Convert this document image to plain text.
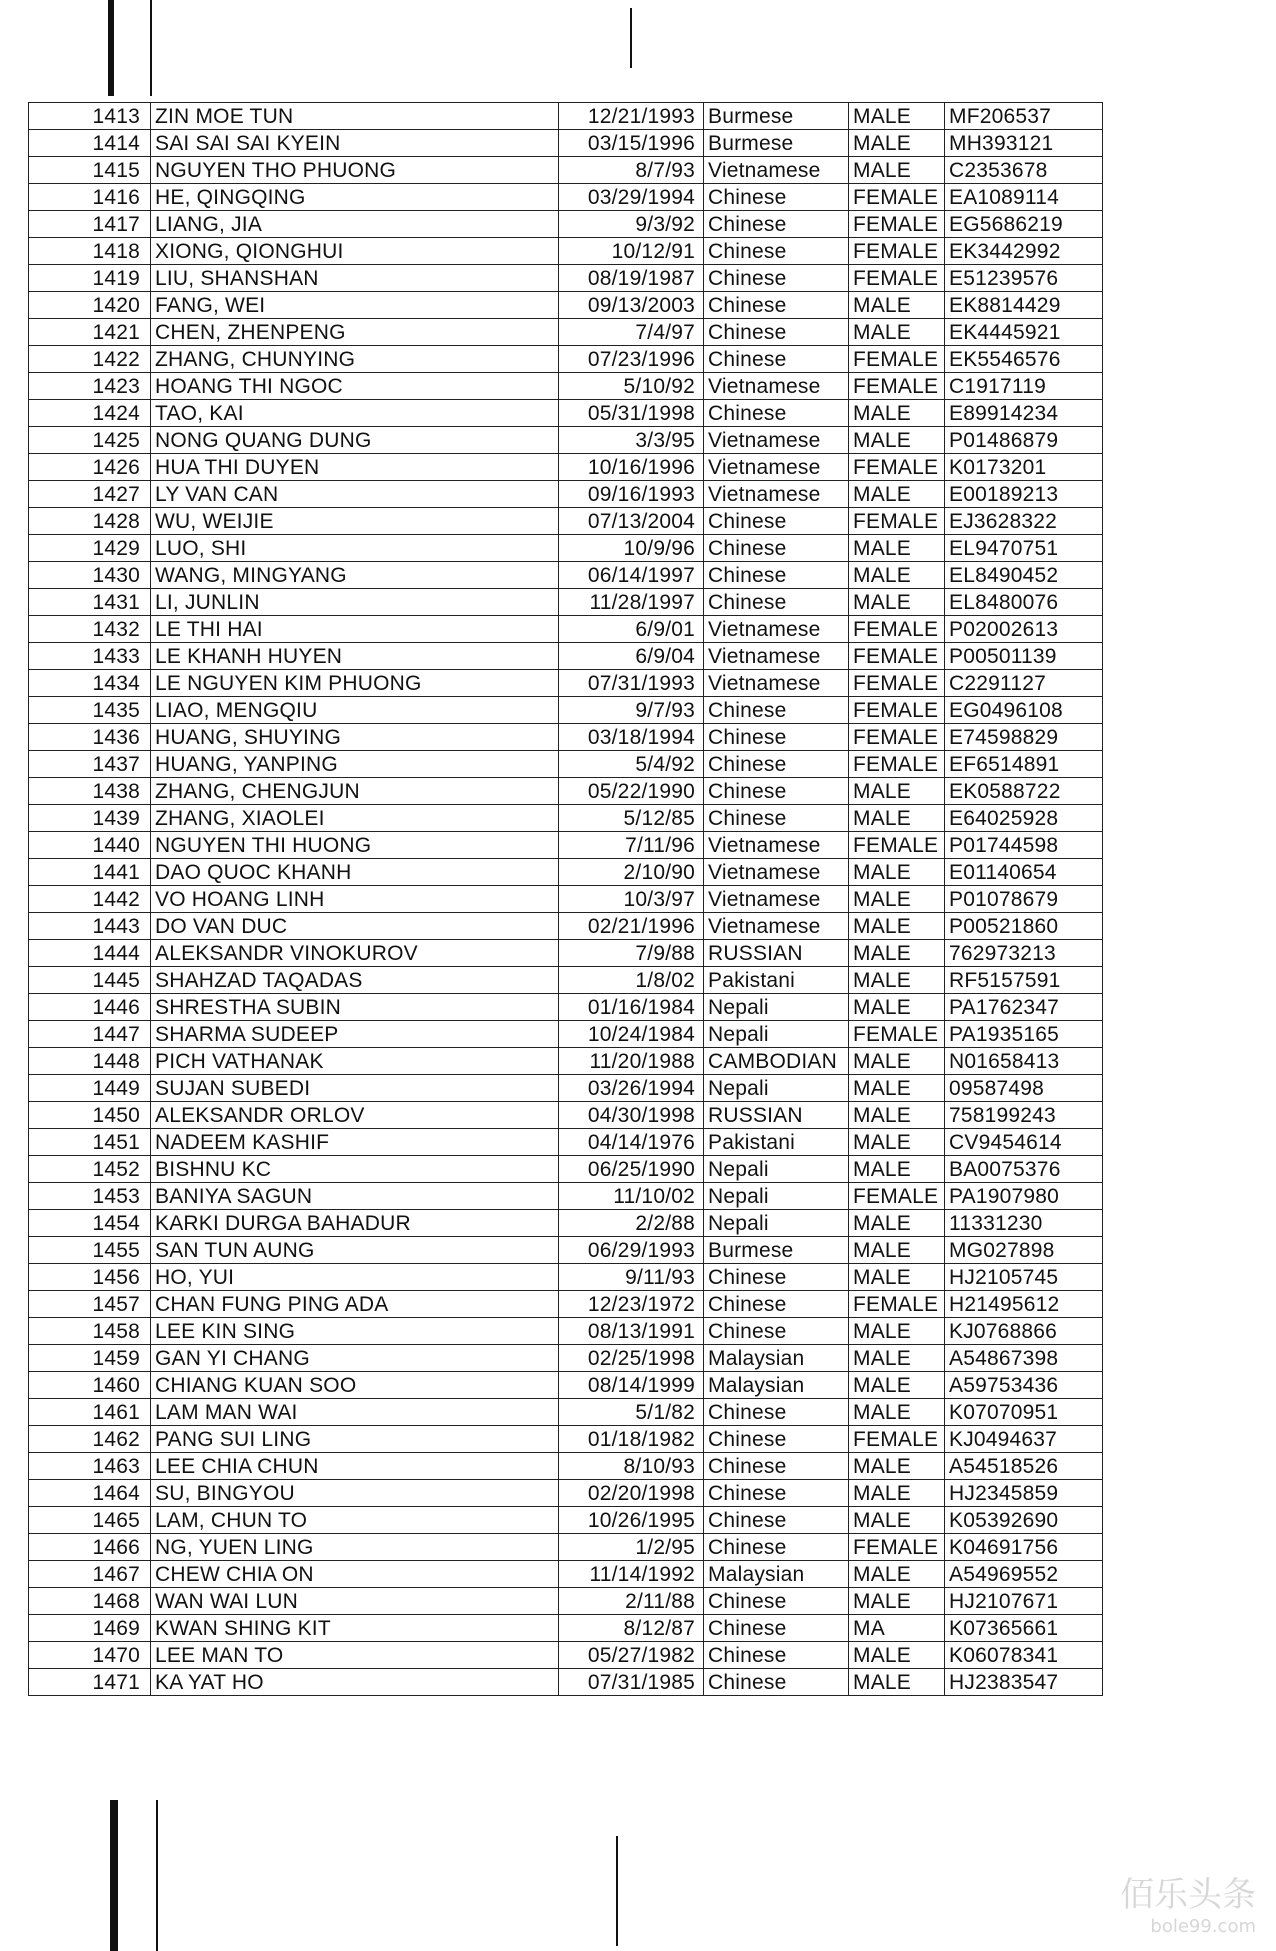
1413	ZIN MOE TUN	12/21/1993	Burmese	MALE	MF206537
1414	SAI SAI SAI KYEIN	03/15/1996	Burmese	MALE	MH393121
1415	NGUYEN THO PHUONG	8/7/93	Vietnamese	MALE	C2353678
1416	HE, QINGQING	03/29/1994	Chinese	FEMALE	EA1089114
1417	LIANG, JIA	9/3/92	Chinese	FEMALE	EG5686219
1418	XIONG, QIONGHUI	10/12/91	Chinese	FEMALE	EK3442992
1419	LIU, SHANSHAN	08/19/1987	Chinese	FEMALE	E51239576
1420	FANG, WEI	09/13/2003	Chinese	MALE	EK8814429
1421	CHEN, ZHENPENG	7/4/97	Chinese	MALE	EK4445921
1422	ZHANG, CHUNYING	07/23/1996	Chinese	FEMALE	EK5546576
1423	HOANG THI NGOC	5/10/92	Vietnamese	FEMALE	C1917119
1424	TAO, KAI	05/31/1998	Chinese	MALE	E89914234
1425	NONG QUANG DUNG	3/3/95	Vietnamese	MALE	P01486879
1426	HUA THI DUYEN	10/16/1996	Vietnamese	FEMALE	K0173201
1427	LY VAN CAN	09/16/1993	Vietnamese	MALE	E00189213
1428	WU, WEIJIE	07/13/2004	Chinese	FEMALE	EJ3628322
1429	LUO, SHI	10/9/96	Chinese	MALE	EL9470751
1430	WANG, MINGYANG	06/14/1997	Chinese	MALE	EL8490452
1431	LI, JUNLIN	11/28/1997	Chinese	MALE	EL8480076
1432	LE THI HAI	6/9/01	Vietnamese	FEMALE	P02002613
1433	LE KHANH HUYEN	6/9/04	Vietnamese	FEMALE	P00501139
1434	LE NGUYEN KIM PHUONG	07/31/1993	Vietnamese	FEMALE	C2291127
1435	LIAO, MENGQIU	9/7/93	Chinese	FEMALE	EG0496108
1436	HUANG, SHUYING	03/18/1994	Chinese	FEMALE	E74598829
1437	HUANG, YANPING	5/4/92	Chinese	FEMALE	EF6514891
1438	ZHANG, CHENGJUN	05/22/1990	Chinese	MALE	EK0588722
1439	ZHANG, XIAOLEI	5/12/85	Chinese	MALE	E64025928
1440	NGUYEN THI HUONG	7/11/96	Vietnamese	FEMALE	P01744598
1441	DAO QUOC KHANH	2/10/90	Vietnamese	MALE	E01140654
1442	VO HOANG LINH	10/3/97	Vietnamese	MALE	P01078679
1443	DO VAN DUC	02/21/1996	Vietnamese	MALE	P00521860
1444	ALEKSANDR VINOKUROV	7/9/88	RUSSIAN	MALE	762973213
1445	SHAHZAD TAQADAS	1/8/02	Pakistani	MALE	RF5157591
1446	SHRESTHA SUBIN	01/16/1984	Nepali	MALE	PA1762347
1447	SHARMA SUDEEP	10/24/1984	Nepali	FEMALE	PA1935165
1448	PICH VATHANAK	11/20/1988	CAMBODIAN	MALE	N01658413
1449	SUJAN SUBEDI	03/26/1994	Nepali	MALE	09587498
1450	ALEKSANDR ORLOV	04/30/1998	RUSSIAN	MALE	758199243
1451	NADEEM KASHIF	04/14/1976	Pakistani	MALE	CV9454614
1452	BISHNU KC	06/25/1990	Nepali	MALE	BA0075376
1453	BANIYA SAGUN	11/10/02	Nepali	FEMALE	PA1907980
1454	KARKI DURGA BAHADUR	2/2/88	Nepali	MALE	11331230
1455	SAN TUN AUNG	06/29/1993	Burmese	MALE	MG027898
1456	HO, YUI	9/11/93	Chinese	MALE	HJ2105745
1457	CHAN FUNG PING ADA	12/23/1972	Chinese	FEMALE	H21495612
1458	LEE KIN SING	08/13/1991	Chinese	MALE	KJ0768866
1459	GAN YI CHANG	02/25/1998	Malaysian	MALE	A54867398
1460	CHIANG KUAN SOO	08/14/1999	Malaysian	MALE	A59753436
1461	LAM MAN WAI	5/1/82	Chinese	MALE	K07070951
1462	PANG SUI LING	01/18/1982	Chinese	FEMALE	KJ0494637
1463	LEE CHIA CHUN	8/10/93	Chinese	MALE	A54518526
1464	SU, BINGYOU	02/20/1998	Chinese	MALE	HJ2345859
1465	LAM, CHUN TO	10/26/1995	Chinese	MALE	K05392690
1466	NG, YUEN LING	1/2/95	Chinese	FEMALE	K04691756
1467	CHEW CHIA ON	11/14/1992	Malaysian	MALE	A54969552
1468	WAN WAI LUN	2/11/88	Chinese	MALE	HJ2107671
1469	KWAN SHING KIT	8/12/87	Chinese	MA	K07365661
1470	LEE MAN TO	05/27/1982	Chinese	MALE	K06078341
1471	KA YAT HO	07/31/1985	Chinese	MALE	HJ2383547
佰乐头条
bole99.com
